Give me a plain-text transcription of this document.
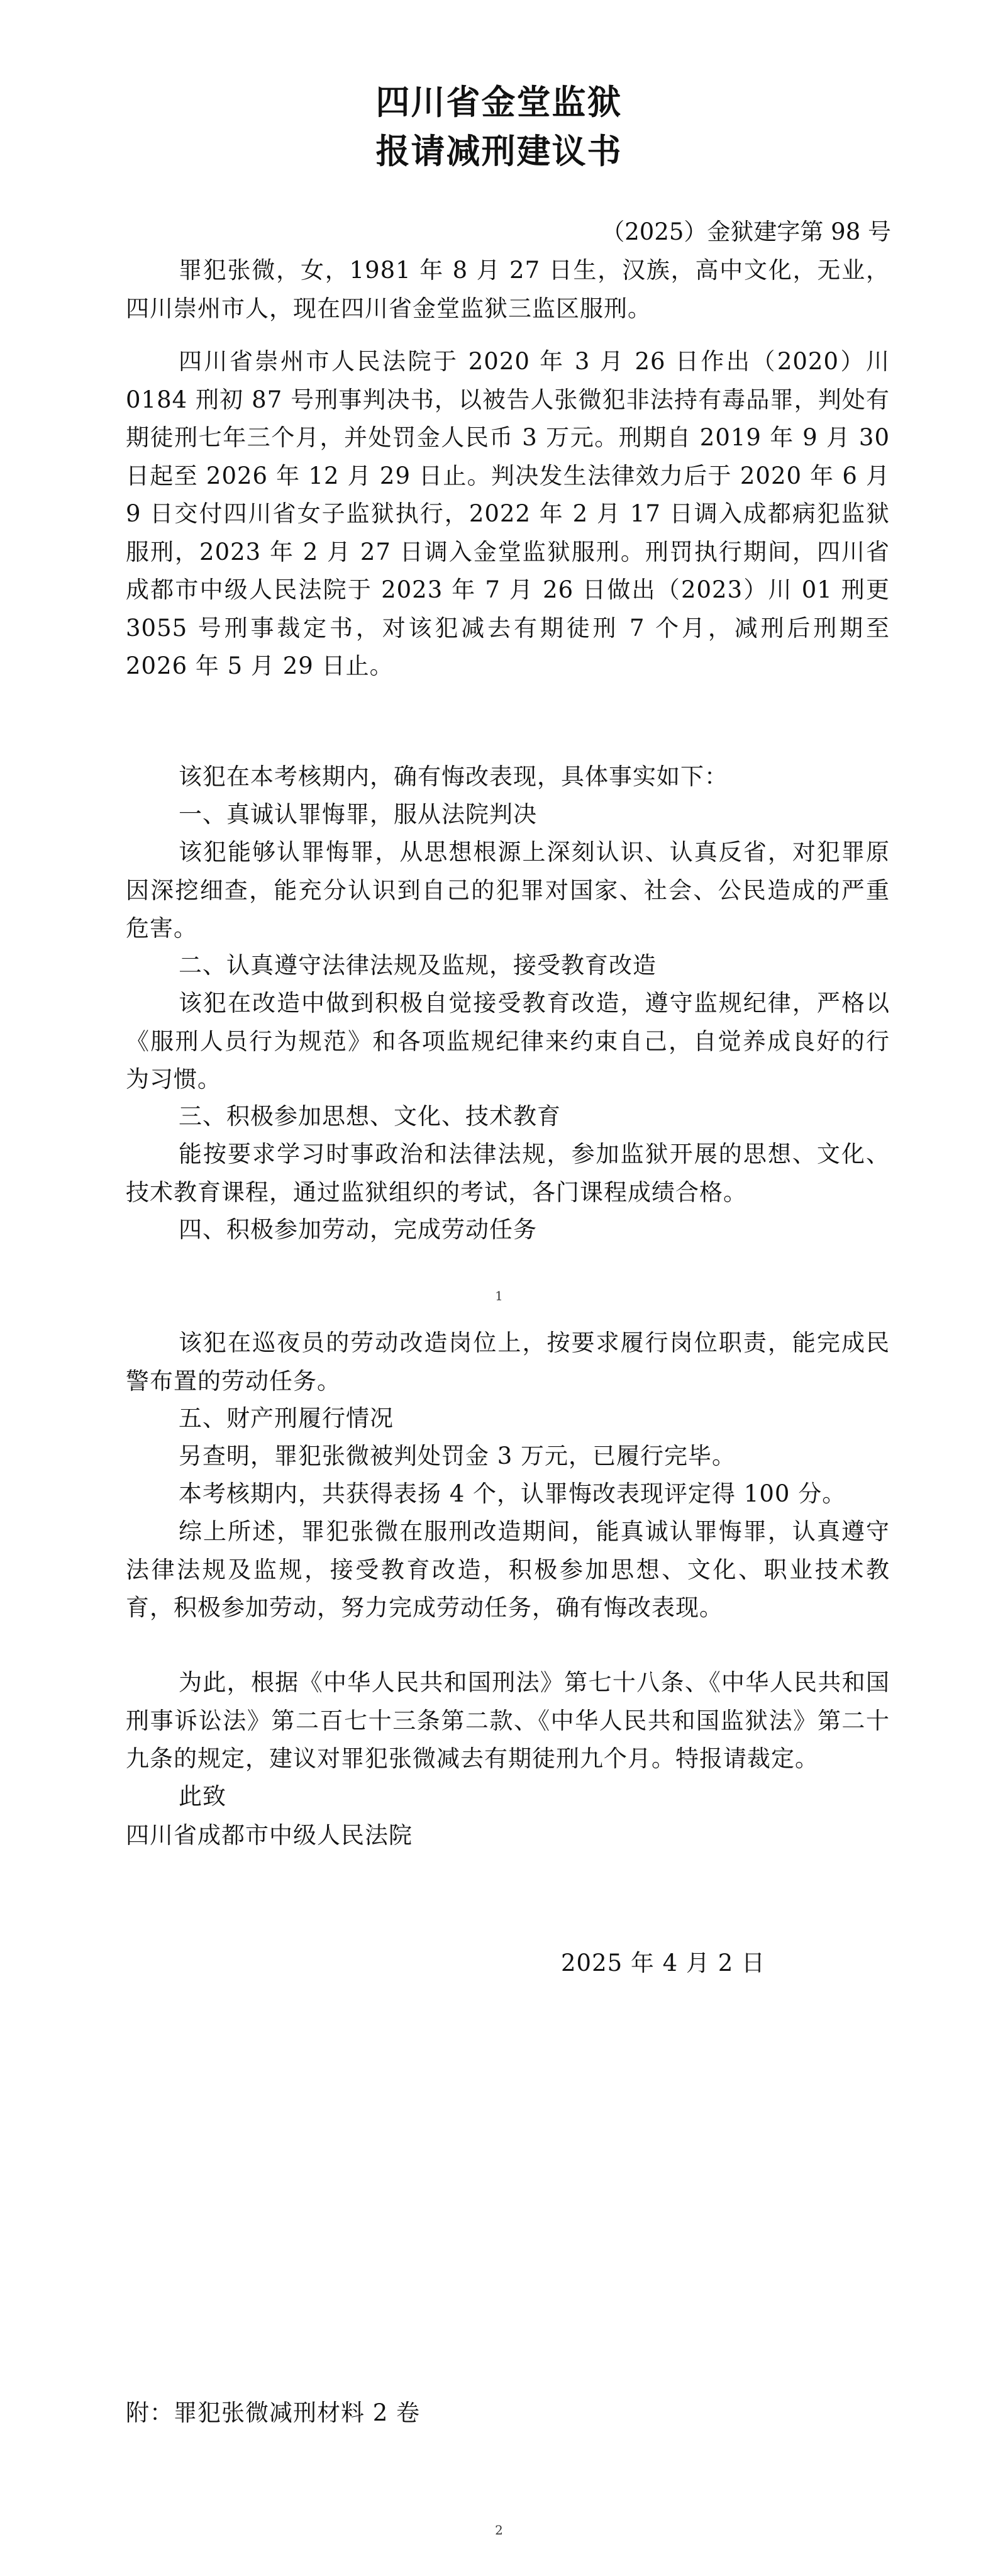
四川省金堂监狱
报请减刑建议书
（2025）金狱建字第 98 号
罪犯张微，女，1981 年 8 月 27 日生，汉族，高中文化，无业，四川崇州市人，现在四川省金堂监狱三监区服刑。
四川省崇州市人民法院于 2020 年 3 月 26 日作出（2020）川 0184 刑初 87 号刑事判决书，以被告人张微犯非法持有毒品罪，判处有期徒刑七年三个月，并处罚金人民币 3 万元。刑期自 2019 年 9 月 30 日起至 2026 年 12 月 29 日止。判决发生法律效力后于 2020 年 6 月 9 日交付四川省女子监狱执行，2022 年 2 月 17 日调入成都病犯监狱服刑，2023 年 2 月 27 日调入金堂监狱服刑。刑罚执行期间，四川省成都市中级人民法院于 2023 年 7 月 26 日做出（2023）川 01 刑更 3055 号刑事裁定书，对该犯减去有期徒刑 7 个月，减刑后刑期至 2026 年 5 月 29 日止。
该犯在本考核期内，确有悔改表现，具体事实如下：
一、真诚认罪悔罪，服从法院判决
该犯能够认罪悔罪，从思想根源上深刻认识、认真反省，对犯罪原因深挖细查，能充分认识到自己的犯罪对国家、社会、公民造成的严重危害。
二、认真遵守法律法规及监规，接受教育改造
该犯在改造中做到积极自觉接受教育改造，遵守监规纪律，严格以《服刑人员行为规范》和各项监规纪律来约束自己，自觉养成良好的行为习惯。
三、积极参加思想、文化、技术教育
能按要求学习时事政治和法律法规，参加监狱开展的思想、文化、技术教育课程，通过监狱组织的考试，各门课程成绩合格。
四、积极参加劳动，完成劳动任务
1
该犯在巡夜员的劳动改造岗位上，按要求履行岗位职责，能完成民警布置的劳动任务。
五、财产刑履行情况
另查明，罪犯张微被判处罚金 3 万元，已履行完毕。
本考核期内，共获得表扬 4 个，认罪悔改表现评定得 100 分。
综上所述，罪犯张微在服刑改造期间，能真诚认罪悔罪，认真遵守法律法规及监规，接受教育改造，积极参加思想、文化、职业技术教育，积极参加劳动，努力完成劳动任务，确有悔改表现。
为此，根据《中华人民共和国刑法》第七十八条、《中华人民共和国刑事诉讼法》第二百七十三条第二款、《中华人民共和国监狱法》第二十九条的规定，建议对罪犯张微减去有期徒刑九个月。特报请裁定。
此致
四川省成都市中级人民法院
2025 年 4 月 2 日
附：罪犯张微减刑材料 2 卷
2
